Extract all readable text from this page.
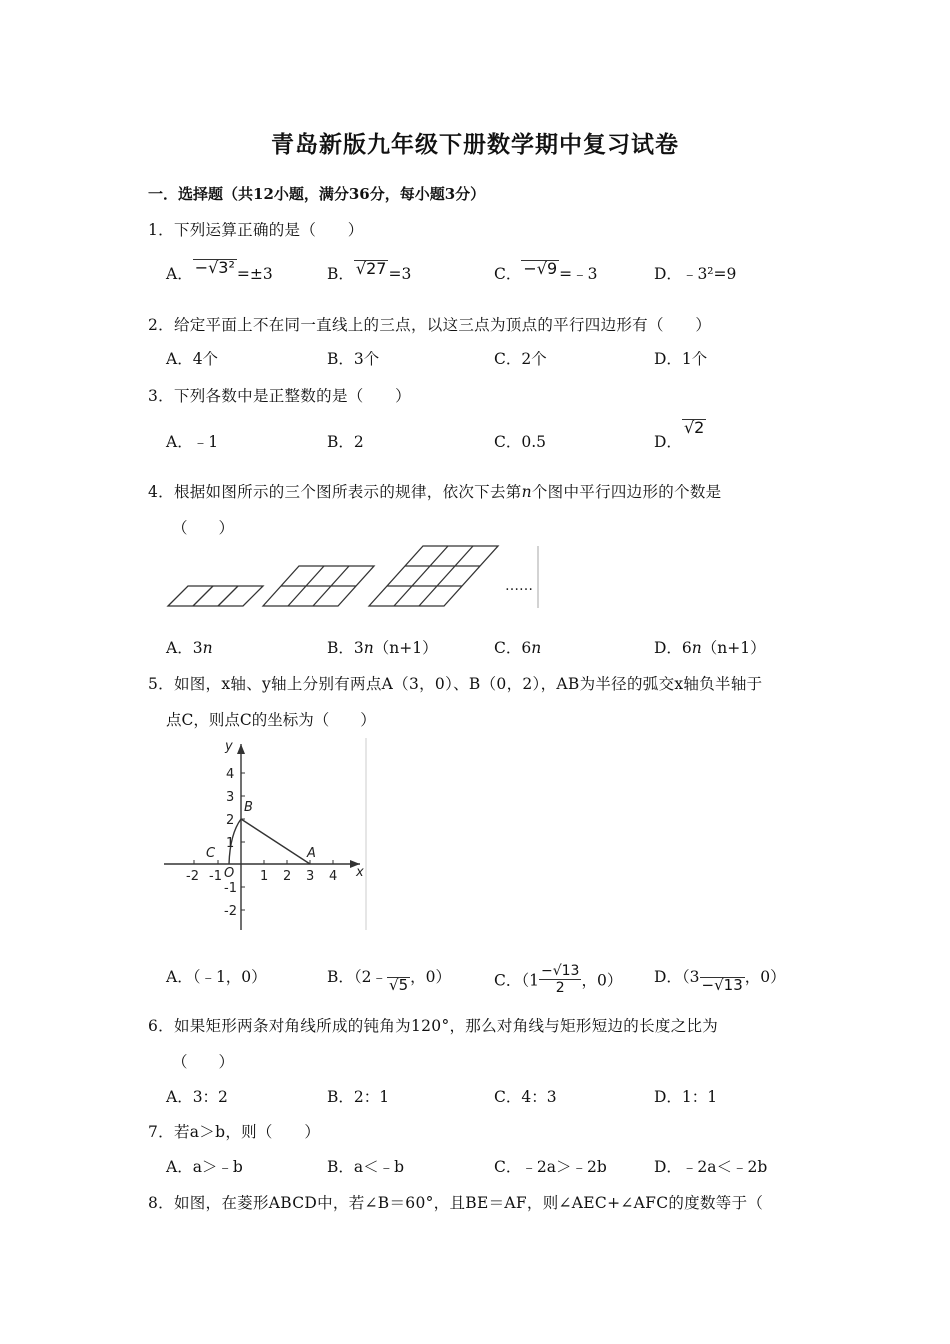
青岛新版九年级下册数学期中复习试卷
一．选择题（共12小题，满分36分，每小题3分）
1．下列运算正确的是（　　）
A． −√3² =±3	B． √27 =3	C． −√9 =﹣3	D．﹣3²=9
2．给定平面上不在同一直线上的三点，以这三点为顶点的平行四边形有（　　）
A．4个	B．3个	C．2个	D．1个
3．下列各数中是正整数的是（　　）
A．﹣1	B．2	C．0.5	D．√2
4．根据如图所示的三个图所表示的规律，依次下去第n个图中平行四边形的个数是
（　　）
……
A．3n	B．3n（n+1）	C．6n	D．6n（n+1）
5．如图，x轴、y轴上分别有两点A（3，0）、B（0，2），AB为半径的弧交x轴负半轴于
点C，则点C的坐标为（　　）
y
x
B
A
C
O
4
3
2
1
-1
-2
-2 -1	1 2 3 4
A．（﹣1，0）	B．（2﹣ √5 ，0）	C．（$1 \frac{-√13}{2}$ ，0） D．（3 −√13 ，0）
6．如果矩形两条对角线所成的钝角为120°，那么对角线与矩形短边的长度之比为
（　　）
A．3：2	B．2：1	C．4：3	D．1：1
7．若a＞b，则（　　）
A．a＞﹣b	B．a＜﹣b	C．﹣2a＞﹣2b	D．﹣2a＜﹣2b
8．如图，在菱形ABCD中，若∠B＝60°，且BE＝AF，则∠AEC+∠AFC的度数等于（
